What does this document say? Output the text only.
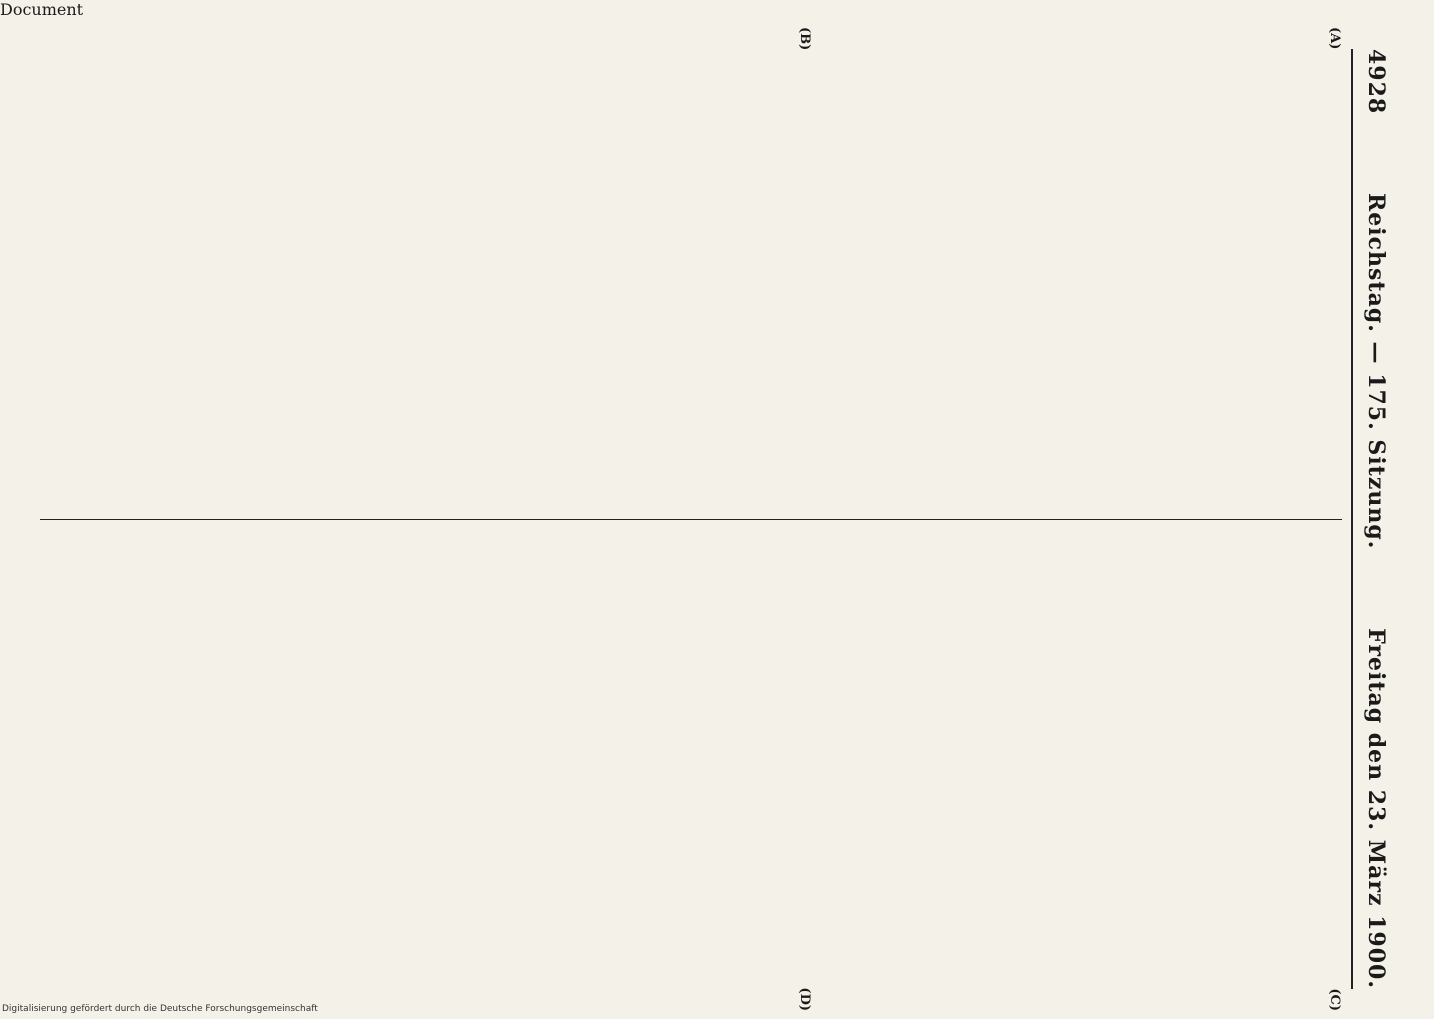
Document
4928
Reichstag. — 175. Sitzung.
Freitag den 23. März 1900.
(A)
(B)
(C)
(D)
Digitalisierung gefördert durch die Deutsche Forschungsgemeinschaft
